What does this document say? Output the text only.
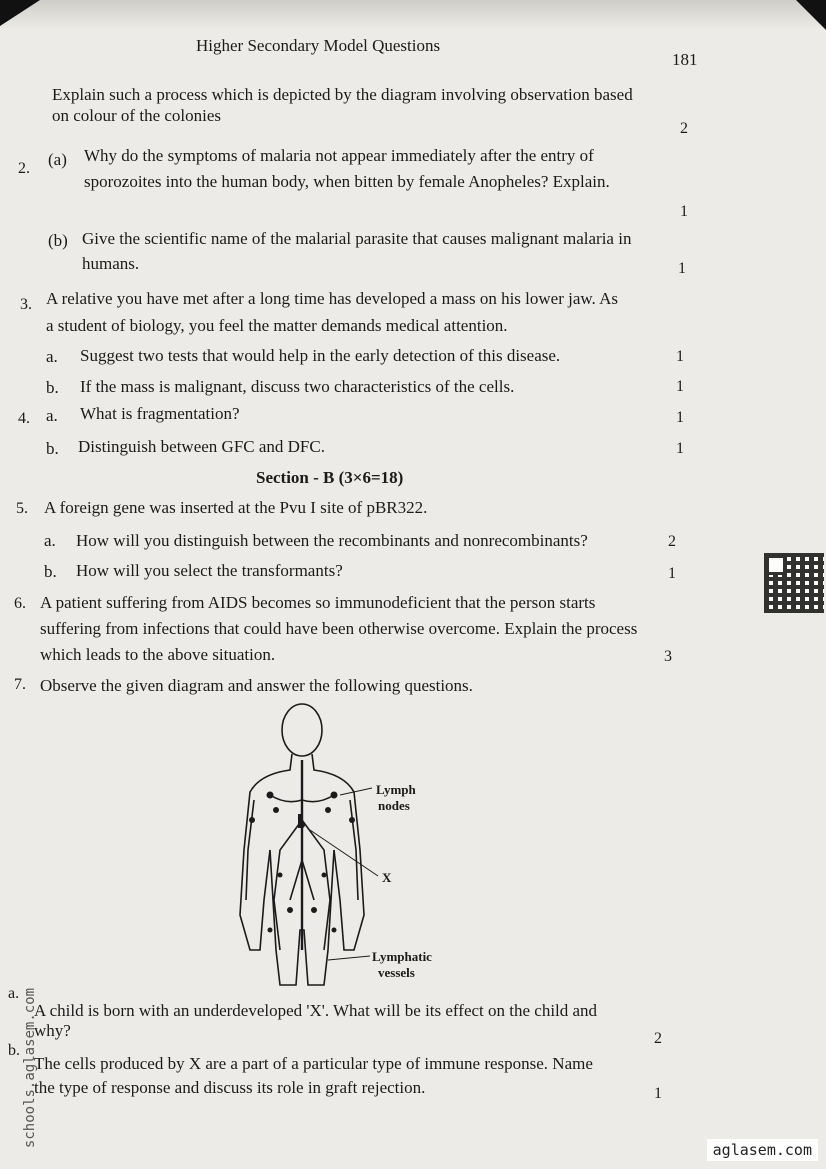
Higher Secondary Model Questions
181
Explain such a process which is depicted by the diagram involving observation based
on colour of the colonies
2
2. (a) Why do the symptoms of malaria not appear immediately after the entry of
sporozoites into the human body, when bitten by female Anopheles? Explain.
1
(b) Give the scientific name of the malarial parasite that causes malignant malaria in
humans.	1
3. A relative you have met after a long time has developed a mass on his lower jaw. As
a student of biology, you feel the matter demands medical attention.
a. Suggest two tests that would help in the early detection of this disease.	1
b. If the mass is malignant, discuss two characteristics of the cells.	1
4. a. What is fragmentation?	1
b. Distinguish between GFC and DFC.	1
Section - B (3×6=18)
5. A foreign gene was inserted at the Pvu I site of pBR322.
a. How will you distinguish between the recombinants and nonrecombinants?	2
b. How will you select the transformants?	1
6. A patient suffering from AIDS becomes so immunodeficient that the person starts
suffering from infections that could have been otherwise overcome. Explain the process
which leads to the above situation.	3
7. Observe the given diagram and answer the following questions.
Lymph
nodes
X
Lymphatic
vessels
a.
A child is born with an underdeveloped 'X'. What will be its effect on the child and
why?	2
b.
The cells produced by X are a part of a particular type of immune response. Name
the type of response and discuss its role in graft rejection.	1
schools.aglasem.com
aglasem.com
